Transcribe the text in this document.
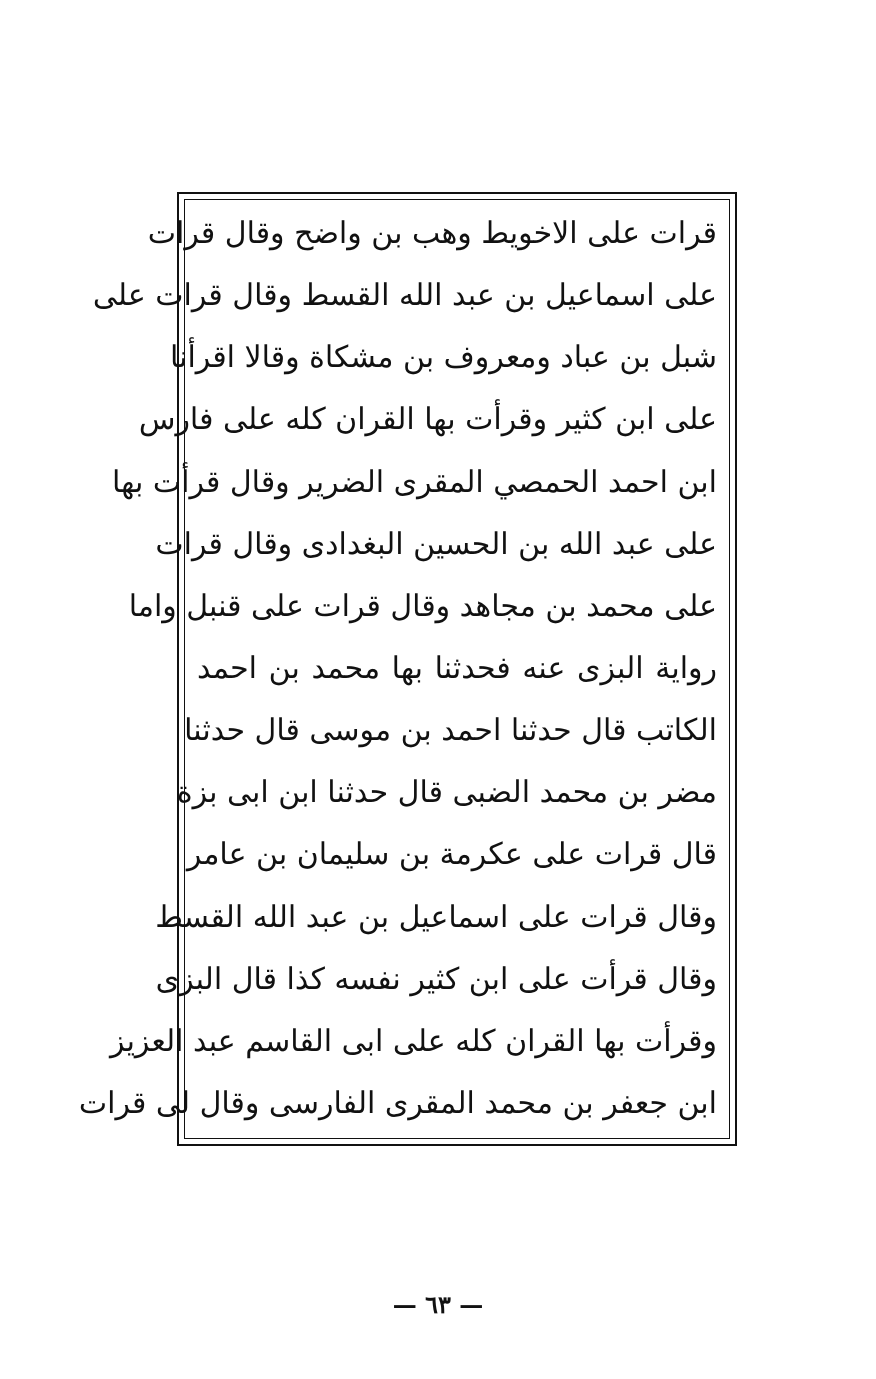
قرات على الاخويط وهب بن واضح وقال قرات
على اسماعيل بن عبد الله القسط وقال قرات على
شبل بن عباد ومعروف بن مشكاة وقالا اقرأنا
على ابن كثير وقرأت بها القران كله على فارس
ابن احمد الحمصي المقرى الضرير وقال قرأت بها
على عبد الله بن الحسين البغدادى وقال قرات
على محمد بن مجاهد وقال قرات على قنبل واما
رواية البزى عنه فحدثنا بها محمد بن احمد
الكاتب قال حدثنا احمد بن موسى قال حدثنا
مضر بن محمد الضبى قال حدثنا ابن ابى بزة
قال قرات على عكرمة بن سليمان بن عامر
وقال قرات على اسماعيل بن عبد الله القسط
وقال قرأت على ابن كثير نفسه كذا قال البزى
وقرأت بها القران كله على ابى القاسم عبد العزيز
ابن جعفر بن محمد المقرى الفارسى وقال لى قرات
— ٦٣ —
